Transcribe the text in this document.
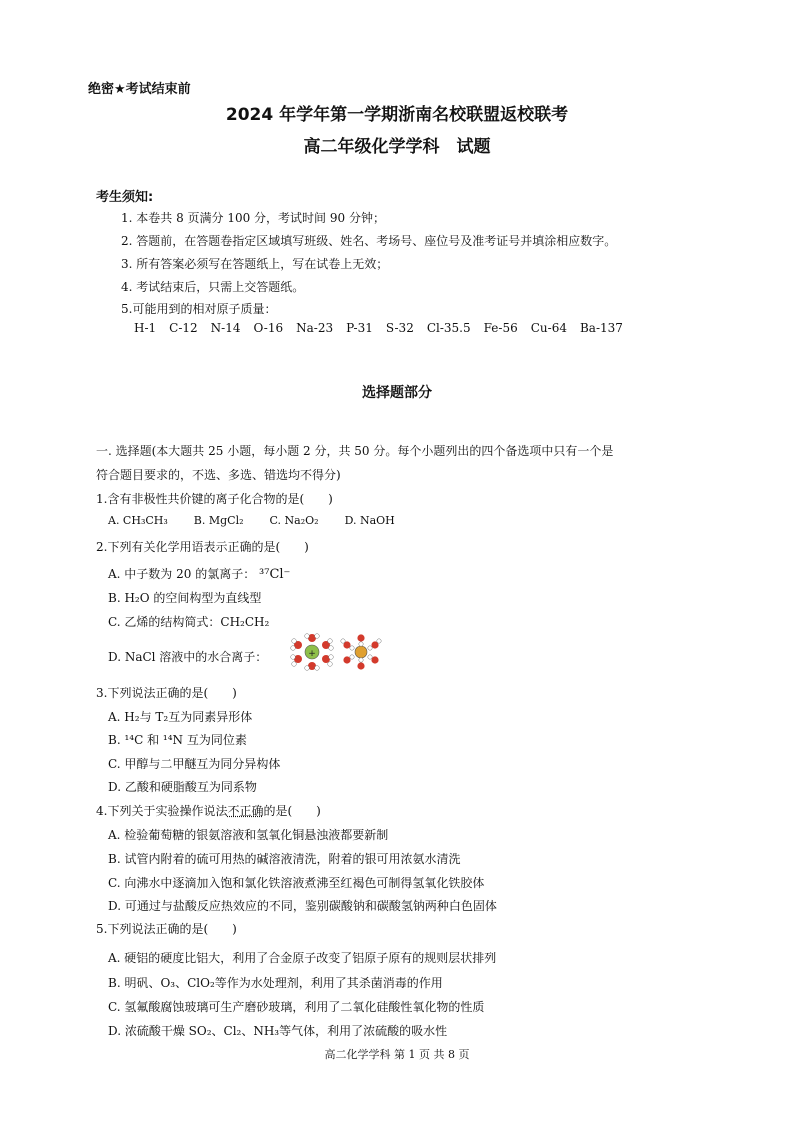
绝密★考试结束前
2024 年学年第一学期浙南名校联盟返校联考
高二年级化学学科　试题
考生须知:
1. 本卷共 8 页满分 100 分，考试时间 90 分钟；
2. 答题前，在答题卷指定区域填写班级、姓名、考场号、座位号及准考证号并填涂相应数字。
3. 所有答案必须写在答题纸上，写在试卷上无效；
4. 考试结束后，只需上交答题纸。
5.可能用到的相对原子质量：
H-1 C-12 N-14 O-16 Na-23 P-31 S-32 Cl-35.5 Fe-56 Cu-64 Ba-137
选择题部分
一. 选择题(本大题共 25 小题，每小题 2 分，共 50 分。每个小题列出的四个备选项中只有一个是
符合题目要求的，不选、多选、错选均不得分)
1.含有非极性共价键的离子化合物的是(　　)
A. CH₃CH₃ B. MgCl₂ C. Na₂O₂ D. NaOH
2.下列有关化学用语表示正确的是(　　)
A. 中子数为 20 的氯离子： ³⁷Cl⁻
B. H₂O 的空间构型为直线型
C. 乙烯的结构简式：CH₂CH₂
D. NaCl 溶液中的水合离子：	+
3.下列说法正确的是(　　)
A. H₂与 T₂互为同素异形体
B. ¹⁴C 和 ¹⁴N 互为同位素
C. 甲醇与二甲醚互为同分异构体
D. 乙酸和硬脂酸互为同系物
4.下列关于实验操作说法不正确的是(　　)
A. 检验葡萄糖的银氨溶液和氢氧化铜悬浊液都要新制
B. 试管内附着的硫可用热的碱溶液清洗，附着的银可用浓氨水清洗
C. 向沸水中逐滴加入饱和氯化铁溶液煮沸至红褐色可制得氢氧化铁胶体
D. 可通过与盐酸反应热效应的不同，鉴别碳酸钠和碳酸氢钠两种白色固体
5.下列说法正确的是(　　)
A. 硬铝的硬度比铝大，利用了合金原子改变了铝原子原有的规则层状排列
B. 明矾、O₃、ClO₂等作为水处理剂，利用了其杀菌消毒的作用
C. 氢氟酸腐蚀玻璃可生产磨砂玻璃，利用了二氧化硅酸性氧化物的性质
D. 浓硫酸干燥 SO₂、Cl₂、NH₃等气体，利用了浓硫酸的吸水性
高二化学学科 第 1 页 共 8 页
